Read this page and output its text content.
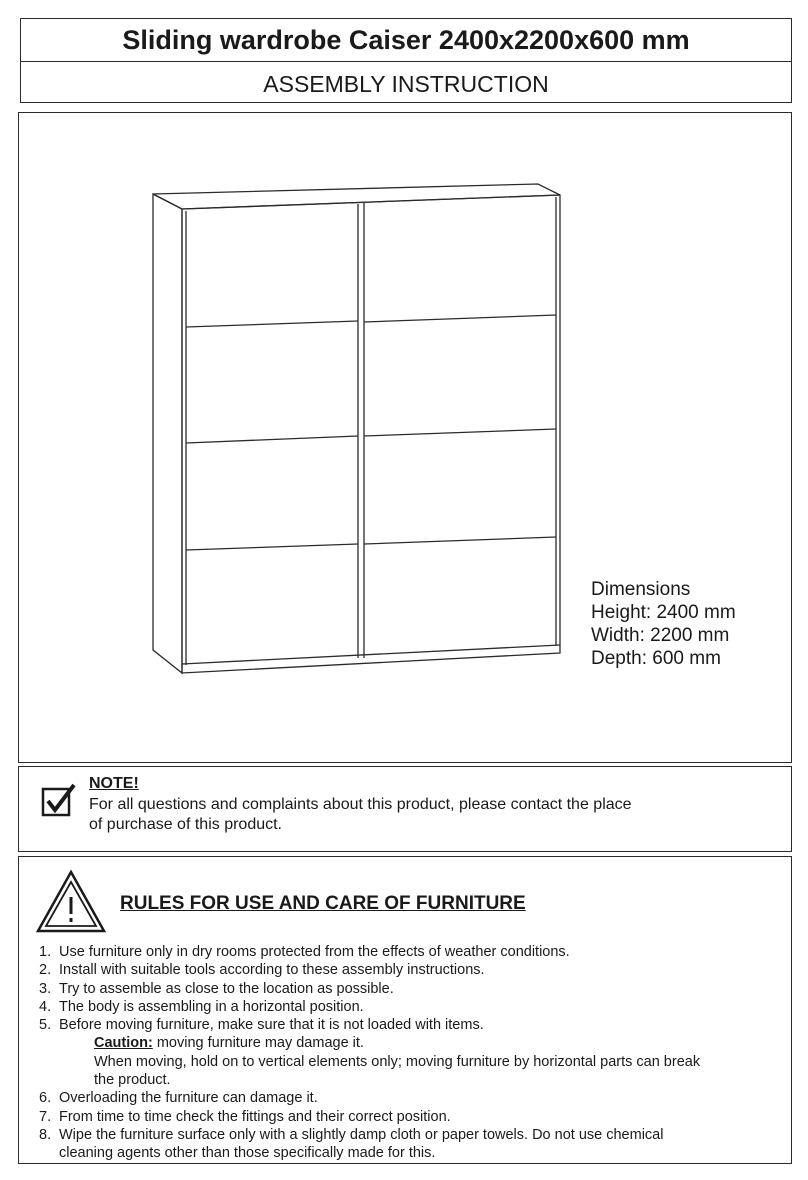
Sliding wardrobe Caiser 2400x2200x600 mm
ASSEMBLY INSTRUCTION
Dimensions
Height: 2400 mm
Width: 2200 mm
Depth: 600 mm
NOTE!
For all questions and complaints about this product, please contact the place
of purchase of this product.
RULES FOR USE AND CARE OF FURNITURE
1. Use furniture only in dry rooms protected from the effects of weather conditions.
2. Install with suitable tools according to these assembly instructions.
3. Try to assemble as close to the location as possible.
4. The body is assembling in a horizontal position.
5. Before moving furniture, make sure that it is not loaded with items.
Caution: moving furniture may damage it.
When moving, hold on to vertical elements only; moving furniture by horizontal parts can break
the product.
6. Overloading the furniture can damage it.
7. From time to time check the fittings and their correct position.
8. Wipe the furniture surface only with a slightly damp cloth or paper towels. Do not use chemical
cleaning agents other than those specifically made for this.
